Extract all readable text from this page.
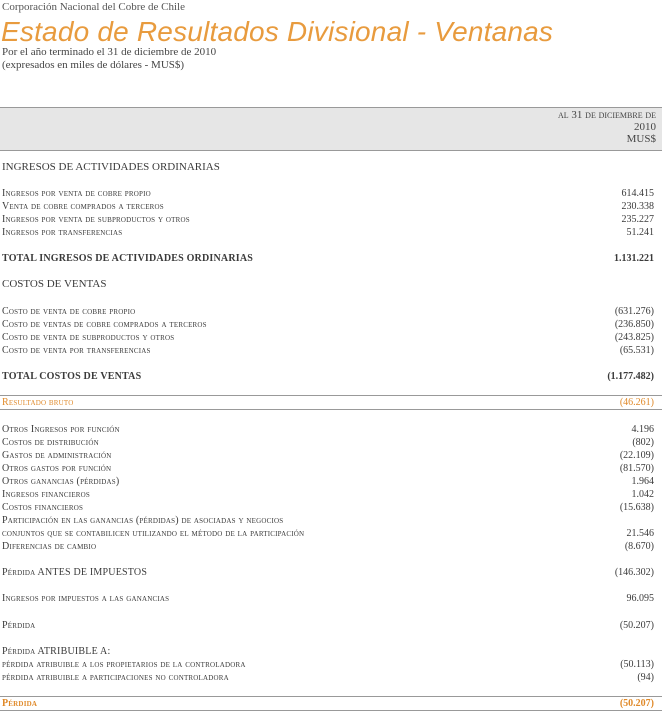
Corporación Nacional del Cobre de Chile
Estado de Resultados Divisional - Ventanas
Por el año terminado el 31 de diciembre de 2010
(expresados en miles de dólares - MUS$)
al 31 de diciembre de
2010
MUS$
INGRESOS DE ACTIVIDADES ORDINARIAS
Ingresos por venta de cobre propio	614.415
Venta de cobre comprados a terceros	230.338
Ingresos por venta de subproductos y otros	235.227
Ingresos por transferencias	51.241
TOTAL INGRESOS DE ACTIVIDADES ORDINARIAS	1.131.221
COSTOS DE VENTAS
Costo de venta de cobre propio	(631.276)
Costo de ventas de cobre comprados a terceros	(236.850)
Costo de venta de subproductos y otros	(243.825)
Costo de venta por transferencias	(65.531)
TOTAL COSTOS DE VENTAS	(1.177.482)
Resultado bruto	(46.261)
Otros Ingresos por función	4.196
Costos de distribución	(802)
Gastos de administración	(22.109)
Otros gastos por función	(81.570)
Otros ganancias (pérdidas)	1.964
Ingresos financieros	1.042
Costos financieros	(15.638)
Participación en las ganancias (pérdidas) de asociadas y negocios
conjuntos que se contabilicen utilizando el método de la participación	21.546
Diferencias de cambio	(8.670)
Pérdida ANTES DE IMPUESTOS	(146.302)
Ingresos por impuestos a las ganancias	96.095
Pérdida	(50.207)
Pérdida ATRIBUIBLE A:
pérdida atribuible a los propietarios de la controladora	(50.113)
pérdida atribuible a participaciones no controladora	(94)
Pérdida	(50.207)
